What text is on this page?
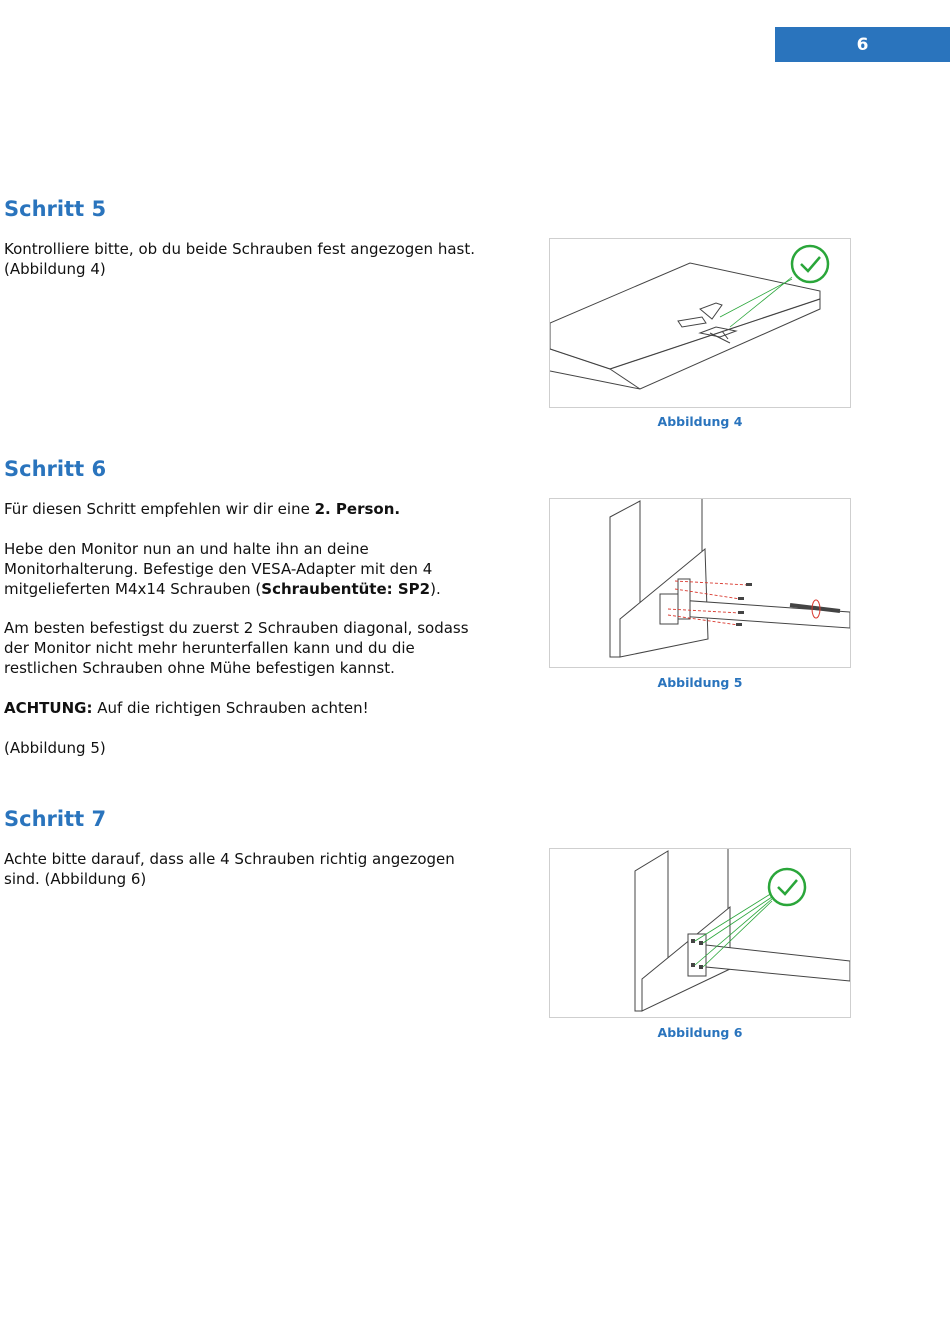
6
Schritt 5

Kontrolliere bitte, ob du beide Schrauben fest angezogen hast. (Abbildung 4)

Abbildung 4
Schritt 6

Für diesen Schritt empfehlen wir dir eine 2. Person.

Hebe den Monitor nun an und halte ihn an deine Monitorhalterung. Befestige den VESA-Adapter mit den 4 mitgelieferten M4x14 Schrauben (Schraubentüte: SP2).

Am besten befestigst du zuerst 2 Schrauben diagonal, sodass der Monitor nicht mehr herunterfallen kann und du die restlichen Schrauben ohne Mühe befestigen kannst.

ACHTUNG: Auf die richtigen Schrauben achten!

(Abbildung 5)

Abbildung 5
Schritt 7

Achte bitte darauf, dass alle 4 Schrauben richtig angezogen sind. (Abbildung 6)

Abbildung 6
